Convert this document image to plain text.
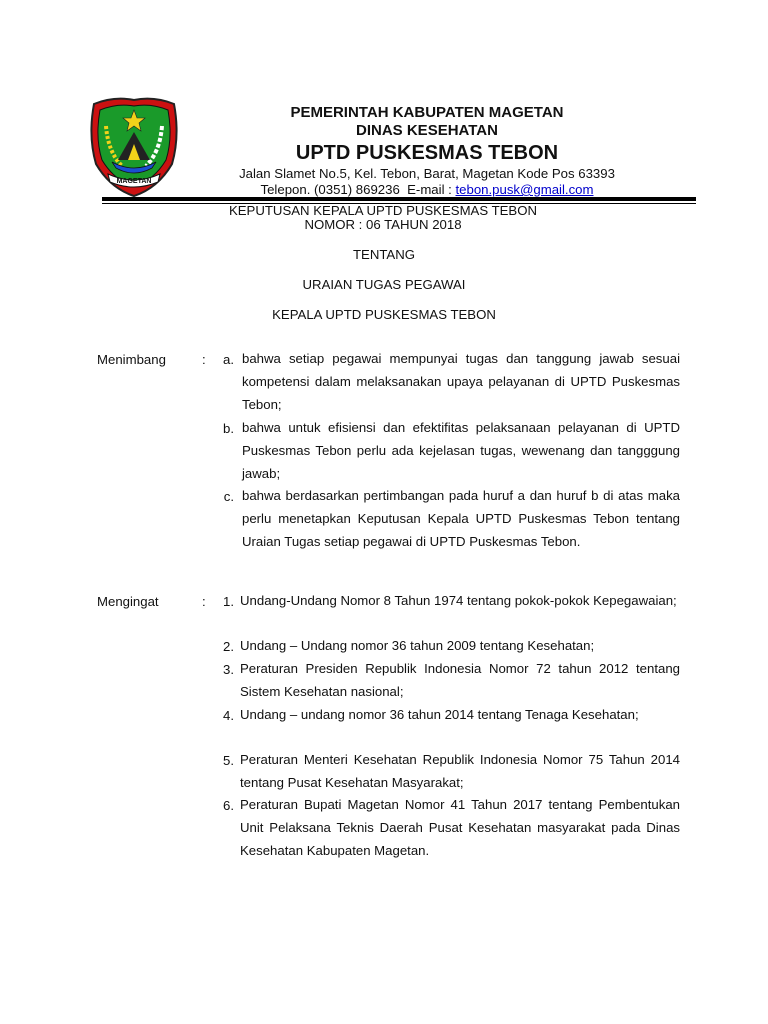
MAGETAN
PEMERINTAH KABUPATEN MAGETAN
DINAS KESEHATAN
UPTD PUSKESMAS TEBON
Jalan Slamet No.5, Kel. Tebon, Barat, Magetan Kode Pos 63393
Telepon. (0351) 869236  E-mail : tebon.pusk@gmail.com
KEPUTUSAN KEPALA UPTD PUSKESMAS TEBON
NOMOR : 06 TAHUN 2018
TENTANG
URAIAN TUGAS PEGAWAI
KEPALA UPTD PUSKESMAS TEBON
Menimbang	:	a. bahwa setiap pegawai mempunyai tugas dan tanggung jawab sesuai kompetensi dalam melaksanakan upaya pelayanan di UPTD Puskesmas Tebon;
b. bahwa untuk efisiensi dan efektifitas pelaksanaan pelayanan di UPTD Puskesmas Tebon perlu ada kejelasan tugas, wewenang dan tangggung jawab;
c. bahwa berdasarkan pertimbangan pada huruf a dan huruf b di atas maka perlu menetapkan Keputusan Kepala UPTD Puskesmas Tebon tentang Uraian Tugas setiap pegawai di UPTD Puskesmas Tebon.
Mengingat	:	1. Undang-Undang Nomor 8 Tahun 1974 tentang pokok-pokok Kepegawaian;
2. Undang – Undang nomor 36 tahun 2009 tentang Kesehatan;
3. Peraturan Presiden Republik Indonesia Nomor 72 tahun 2012 tentang Sistem Kesehatan nasional;
4. Undang – undang nomor 36 tahun 2014 tentang Tenaga Kesehatan;
5. Peraturan Menteri Kesehatan Republik Indonesia Nomor 75 Tahun 2014 tentang Pusat Kesehatan Masyarakat;
6. Peraturan Bupati Magetan Nomor 41 Tahun 2017 tentang Pembentukan Unit Pelaksana Teknis Daerah Pusat Kesehatan masyarakat pada Dinas Kesehatan Kabupaten Magetan.
